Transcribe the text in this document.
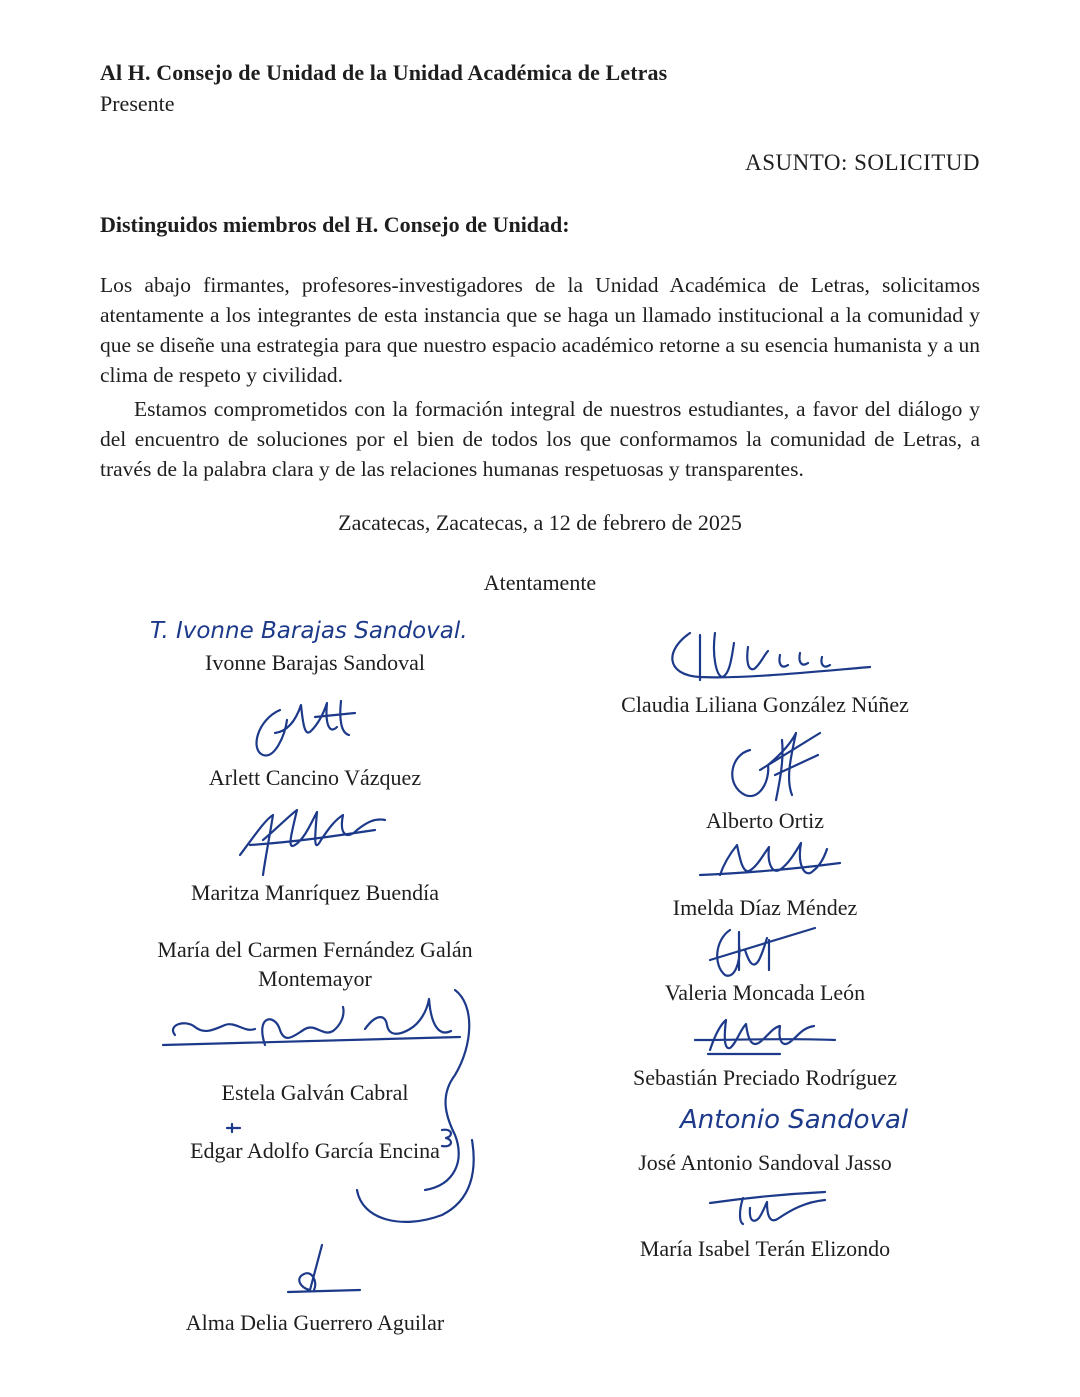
Al H. Consejo de Unidad de la Unidad Académica de Letras
Presente
ASUNTO: SOLICITUD
Distinguidos miembros del H. Consejo de Unidad:
Los abajo firmantes, profesores-investigadores de la Unidad Académica de Letras, solicitamos atentamente a los integrantes de esta instancia que se haga un llamado institucional a la comunidad y que se diseñe una estrategia para que nuestro espacio académico retorne a su esencia humanista y a un clima de respeto y civilidad.
Estamos comprometidos con la formación integral de nuestros estudiantes, a favor del diálogo y del encuentro de soluciones por el bien de todos los que conformamos la comunidad de Letras, a través de la palabra clara y de las relaciones humanas respetuosas y transparentes.
Zacatecas, Zacatecas, a 12 de febrero de 2025
Atentamente
T. Ivonne Barajas Sandoval.
Ivonne Barajas Sandoval
Arlett Cancino Vázquez
Maritza Manríquez Buendía
María del Carmen Fernández Galán
Montemayor
Estela Galván Cabral
Edgar Adolfo García Encina
Alma Delia Guerrero Aguilar
Claudia Liliana González Núñez
Alberto Ortiz
Imelda Díaz Méndez
Valeria Moncada León
Sebastián Preciado Rodríguez
Antonio Sandoval
José Antonio Sandoval Jasso
María Isabel Terán Elizondo
